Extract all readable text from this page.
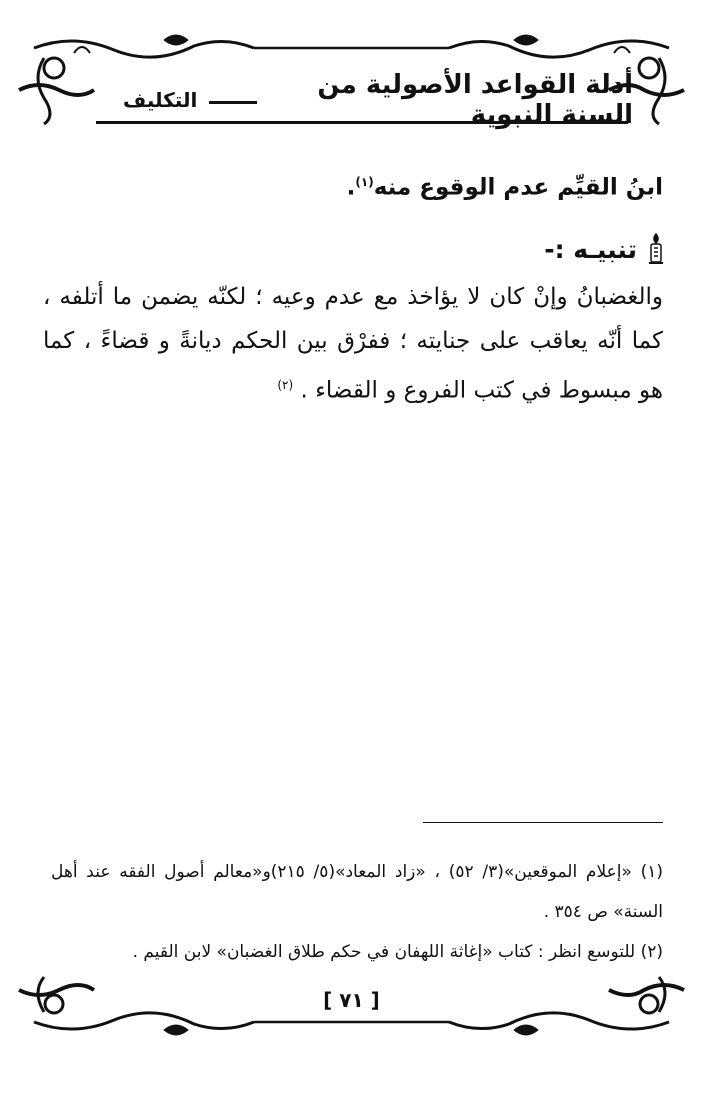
أدلة القواعد الأصولية من السنة النبوية
التكليف
ابنُ القيِّم عدم الوقوع منه$^{(١)}$.
تنبيـه :-
والغضبانُ وإنْ كان لا يؤاخذ مع عدم وعيه ؛ لكنّه يضمن ما أتلفه ، كما أنّه يعاقب على جنايته ؛ ففرْق بين الحكم ديانةً و قضاءً ، كما هو مبسوط في كتب الفروع و القضاء . $^{(٢)}$

(١) «إعلام الموقعين»(٣/ ٥٢) ، «زاد المعاد»(٥/ ٢١٥)و«معالم أصول الفقه عند أهل السنة» ص ٣٥٤ .

(٢) للتوسع انظر : كتاب «إغاثة اللهفان في حكم طلاق الغضبان» لابن القيم .

[ ٧١ ]
